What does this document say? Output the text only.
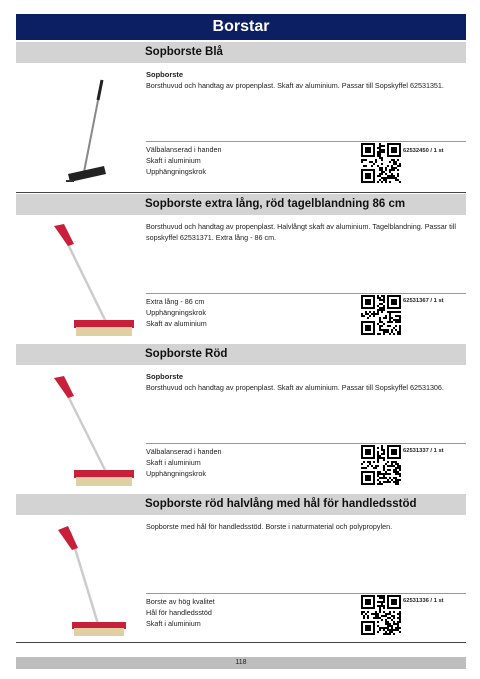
Borstar
Sopborste Blå
Sopborste
Borsthuvud och handtag av propenplast. Skaft av aluminium. Passar till Sopskyffel 62531351.
Välbalanserad i handen
Skaft i aluminium
Upphängningskrok
62532450 / 1 st
Sopborste extra lång, röd tagelblandning 86 cm
Borsthuvud och handtag av propenplast. Halvlångt skaft av aluminium. Tagelblandning. Passar till sopskyffel 62531371. Extra lång - 86 cm.
Extra lång - 86 cm
Upphängningskrok
Skaft av aluminium
62531367 / 1 st
Sopborste Röd
Sopborste
Borsthuvud och handtag av propenplast. Skaft av aluminium. Passar till Sopskyffel 62531306.
Välbalanserad i handen
Skaft i aluminium
Upphängningskrok
62531337 / 1 st
Sopborste röd halvlång med hål för handledsstöd
Sopborste med hål för handledsstöd. Borste i naturmaterial och polypropylen.
Borste av hög kvalitet
Hål för handledsstöd
Skaft i aluminium
62531336 / 1 st
118
